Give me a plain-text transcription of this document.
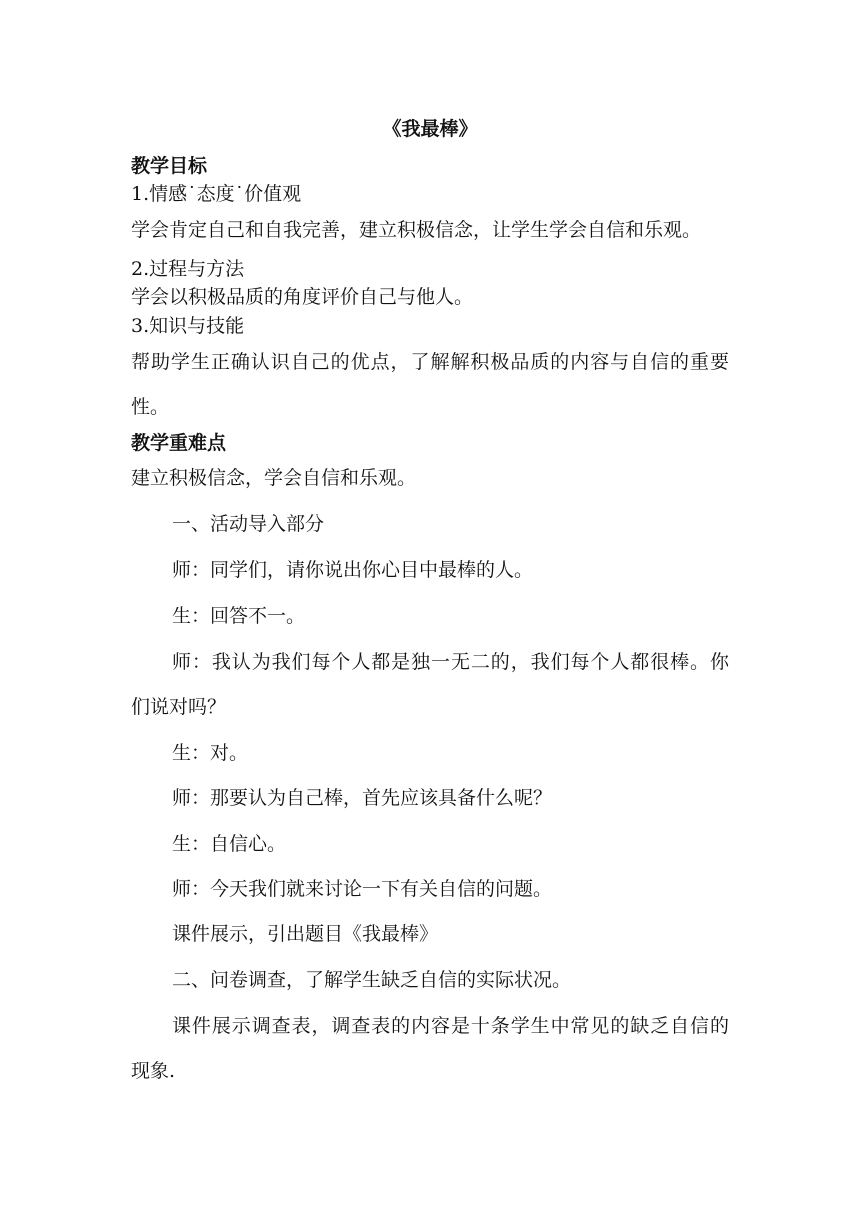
《我最棒》
教学目标
1.情感˙态度˙价值观
学会肯定自己和自我完善，建立积极信念，让学生学会自信和乐观。
2.过程与方法
学会以积极品质的角度评价自己与他人。
3.知识与技能
帮助学生正确认识自己的优点，了解解积极品质的内容与自信的重要
性。
教学重难点
建立积极信念，学会自信和乐观。
一、活动导入部分
师：同学们，请你说出你心目中最棒的人。
生：回答不一。
师：我认为我们每个人都是独一无二的，我们每个人都很棒。你
们说对吗？
生：对。
师：那要认为自己棒，首先应该具备什么呢？
生：自信心。
师：今天我们就来讨论一下有关自信的问题。
课件展示，引出题目《我最棒》
二、问卷调查，了解学生缺乏自信的实际状况。
课件展示调查表，调查表的内容是十条学生中常见的缺乏自信的
现象.
